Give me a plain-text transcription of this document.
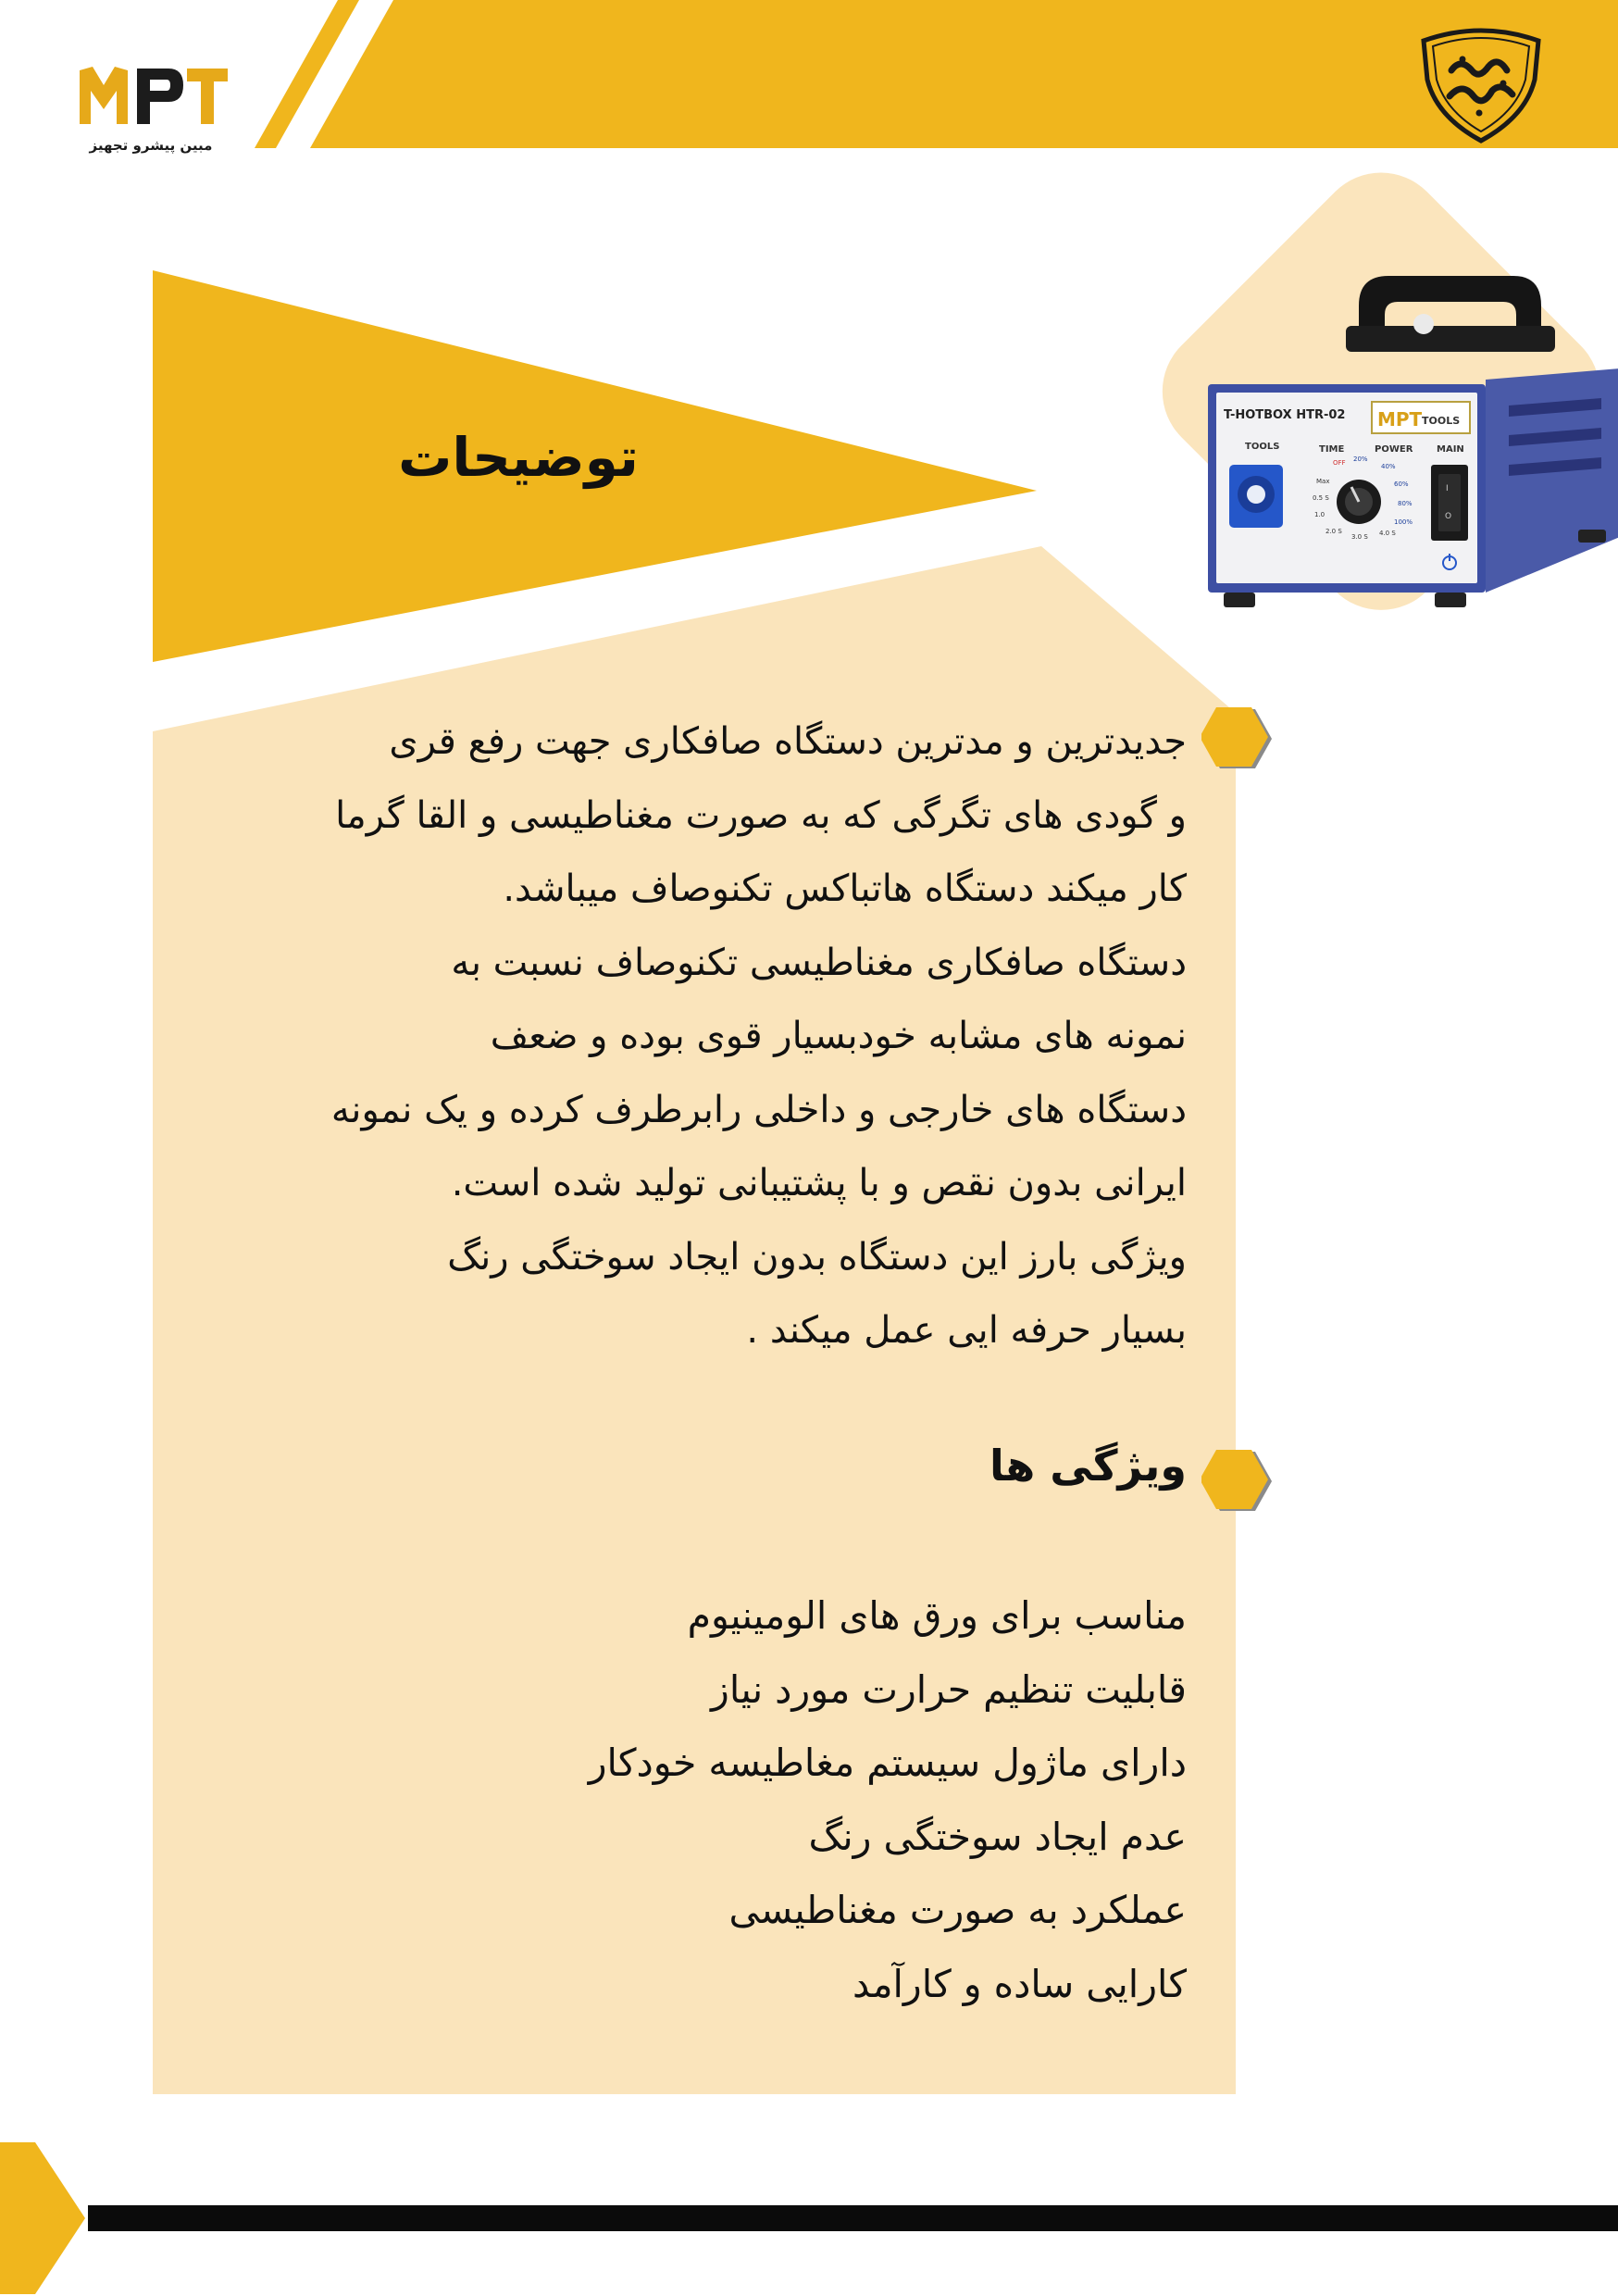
مبین پیشرو تجهیز
توضیحات
T-HOTBOX HTR-02 MPT TOOLS
TOOLS	TIME	POWER	MAIN
OFF 20%
40%
60%
80%
100%
Max
0.5 S
1.0
2.0 S
3.0 S 4.0 S
I
O
جدیدترین و مدترین دستگاه صافکاری جهت رفع قری
و گودی های تگرگی که به صورت مغناطیسی و القا گرما
کار میکند دستگاه هاتباکس تکنوصاف میباشد.
دستگاه صافکاری مغناطیسی تکنوصاف نسبت به
نمونه های مشابه خودبسیار قوی بوده و ضعف
دستگاه های خارجی و داخلی رابرطرف کرده و یک نمونه
ایرانی بدون نقص و با پشتیبانی تولید شده است.
ویژگی بارز این دستگاه بدون ایجاد سوختگی رنگ
بسیار حرفه ایی عمل میکند .
ویژگی ها
مناسب برای ورق های الومینیوم
قابلیت تنظیم حرارت مورد نیاز
دارای ماژول سیستم مغاطیسه خودکار
عدم ایجاد سوختگی رنگ
عملکرد به صورت مغناطیسی
کارایی ساده و کارآمد
